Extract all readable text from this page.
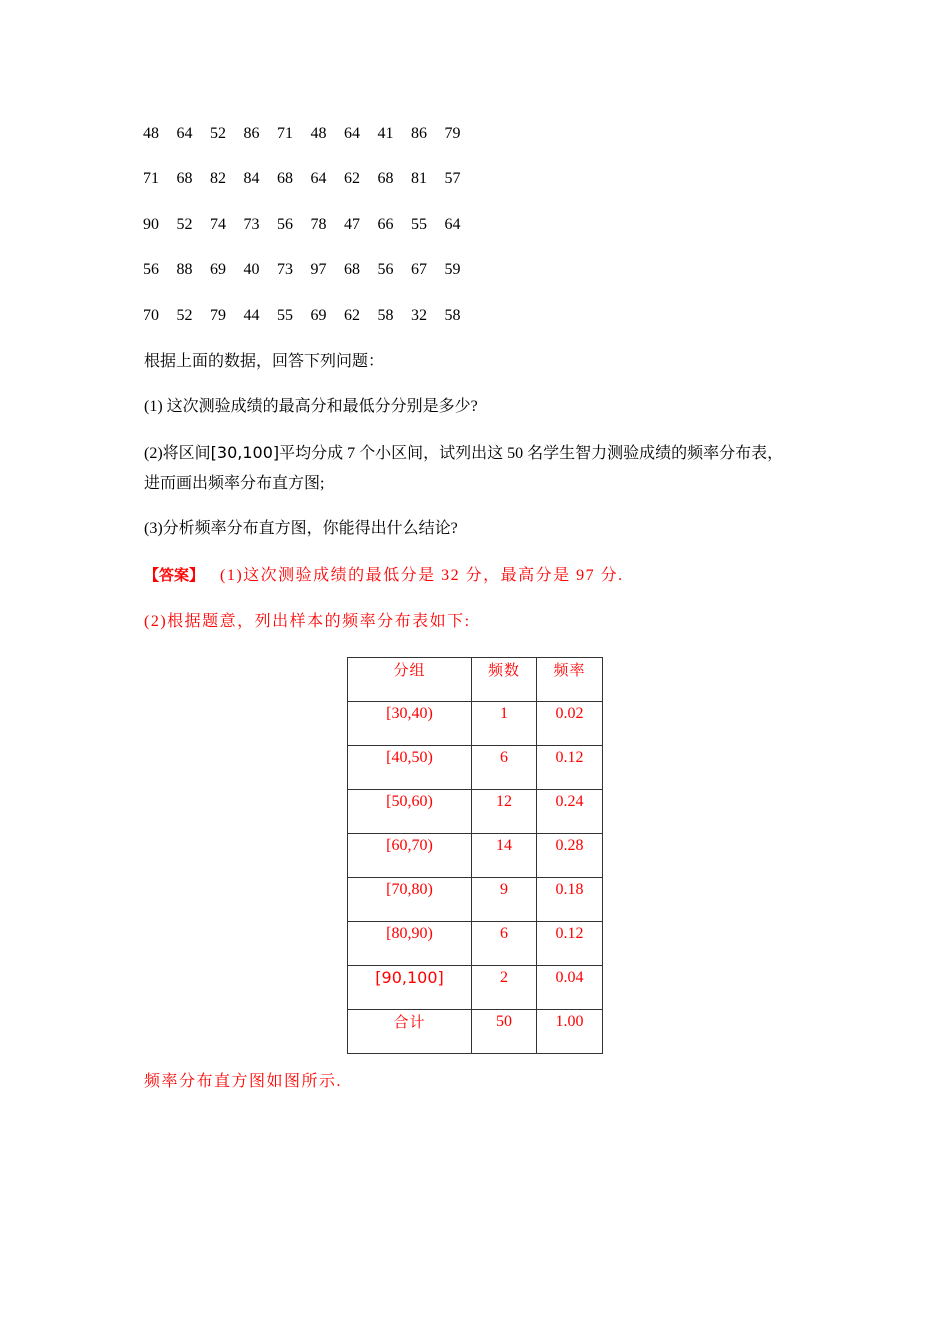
48 64 52 86 71 48 64 41 86 79
71 68 82 84 68 64 62 68 81 57
90 52 74 73 56 78 47 66 55 64
56 88 69 40 73 97 68 56 67 59
70 52 79 44 55 69 62 58 32 58
根据上面的数据，回答下列问题：
(1) 这次测验成绩的最高分和最低分分别是多少?
(2)将区间[30,100]平均分成 7 个小区间，试列出这 50 名学生智力测验成绩的频率分布表，
进而画出频率分布直方图;
(3)分析频率分布直方图，你能得出什么结论?
【答案】 (1)这次测验成绩的最低分是 32 分，最高分是 97 分.
(2)根据题意，列出样本的频率分布表如下:
分组	频数	频率
[30,40)	1	0.02
[40,50)	6	0.12
[50,60)	12	0.24
[60,70)	14	0.28
[70,80)	9	0.18
[80,90)	6	0.12
[90,100]	2	0.04
合计	50	1.00
频率分布直方图如图所示.
